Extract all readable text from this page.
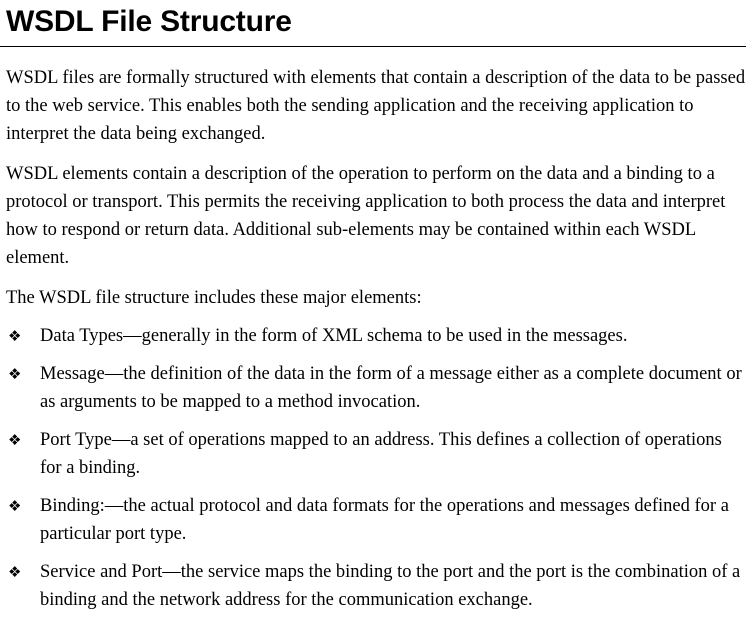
WSDL File Structure

WSDL files are formally structured with elements that contain a description of the data to be passed to the web service. This enables both the sending application and the receiving application to interpret the data being exchanged.

WSDL elements contain a description of the operation to perform on the data and a binding to a protocol or transport. This permits the receiving application to both process the data and interpret how to respond or return data. Additional sub-elements may be contained within each WSDL element.

The WSDL file structure includes these major elements:

❖ Data Types—generally in the form of XML schema to be used in the messages.
❖ Message—the definition of the data in the form of a message either as a complete document or as arguments to be mapped to a method invocation.
❖ Port Type—a set of operations mapped to an address. This defines a collection of operations for a binding.
❖ Binding:—the actual protocol and data formats for the operations and messages defined for a particular port type.
❖ Service and Port—the service maps the binding to the port and the port is the combination of a binding and the network address for the communication exchange.
